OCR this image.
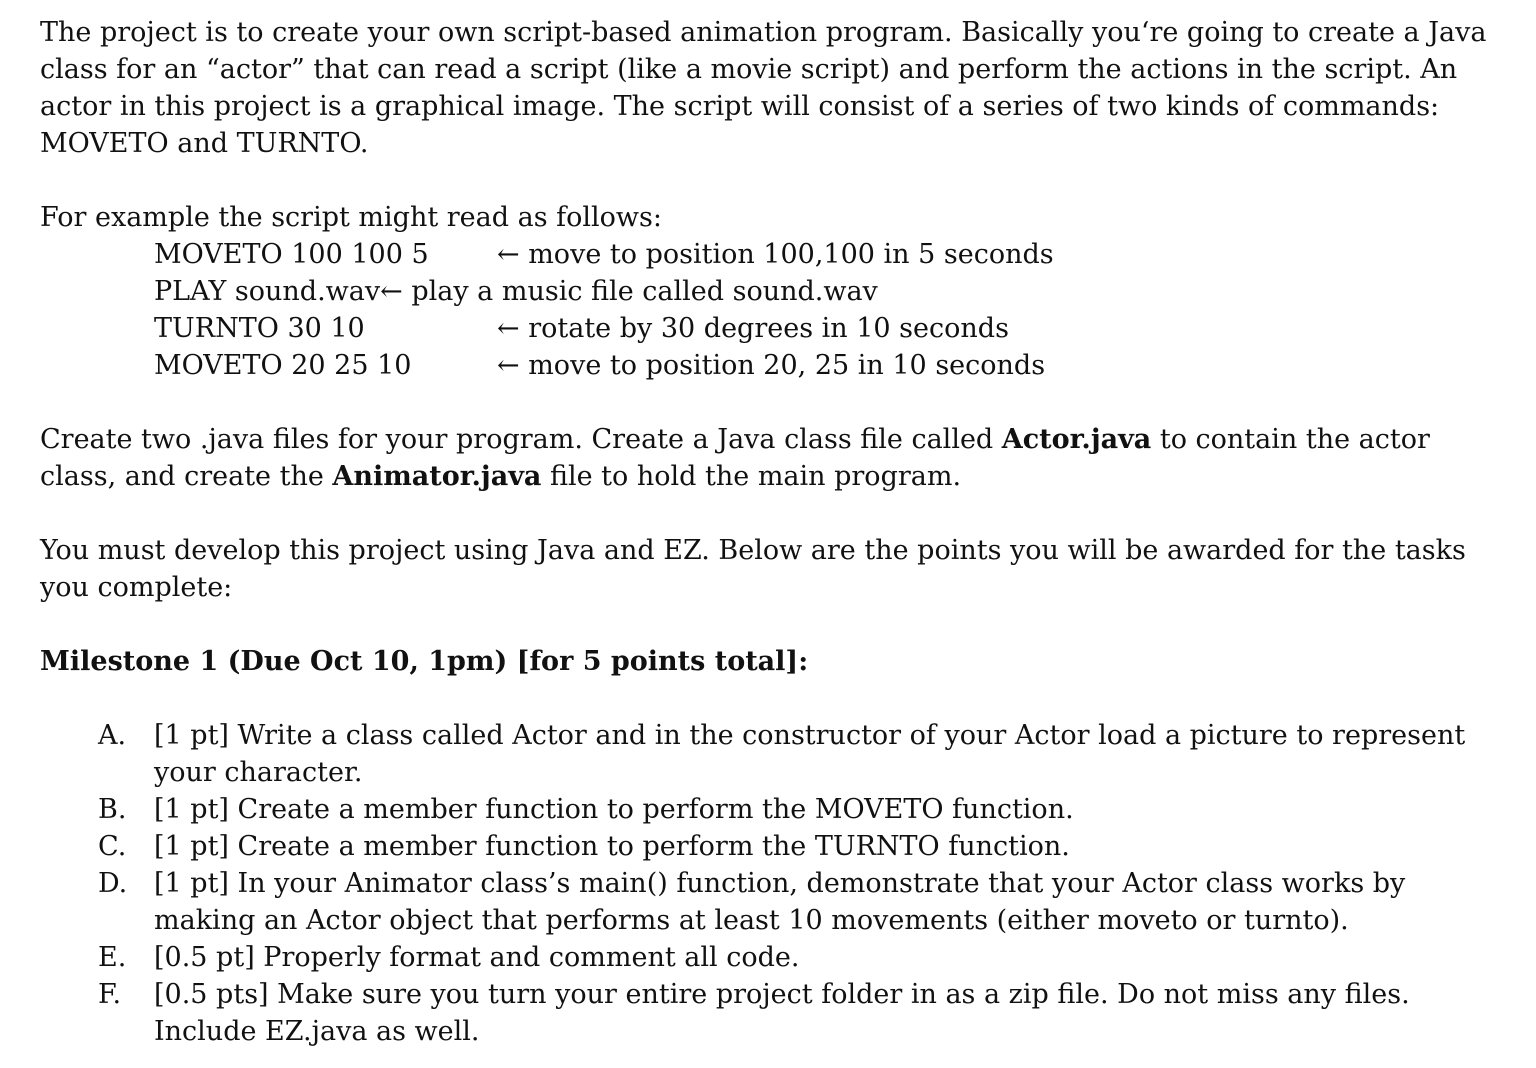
The project is to create your own script-based animation program. Basically you‘re going to create a Java class for an “actor” that can read a script (like a movie script) and perform the actions in the script. An actor in this project is a graphical image. The script will consist of a series of two kinds of commands: MOVETO and TURNTO.

For example the script might read as follows:

MOVETO 100 100 5	← move to position 100,100 in 5 seconds
PLAY sound.wav ← play a music file called sound.wav
TURNTO 30 10	← rotate by 30 degrees in 10 seconds
MOVETO 20 25 10	← move to position 20, 25 in 10 seconds

Create two .java files for your program. Create a Java class file called Actor.java to contain the actor class, and create the Animator.java file to hold the main program.

You must develop this project using Java and EZ. Below are the points you will be awarded for the tasks you complete:

Milestone 1 (Due Oct 10, 1pm) [for 5 points total]:

A.	[1 pt] Write a class called Actor and in the constructor of your Actor load a picture to represent your character.
B.	[1 pt] Create a member function to perform the MOVETO function.
C.	[1 pt] Create a member function to perform the TURNTO function.
D. [1 pt] In your Animator class’s main() function, demonstrate that your Actor class works by making an Actor object that performs at least 10 movements (either moveto or turnto).
E.	[0.5 pt] Properly format and comment all code.
F.	[0.5 pts] Make sure you turn your entire project folder in as a zip file. Do not miss any files. Include EZ.java as well.
